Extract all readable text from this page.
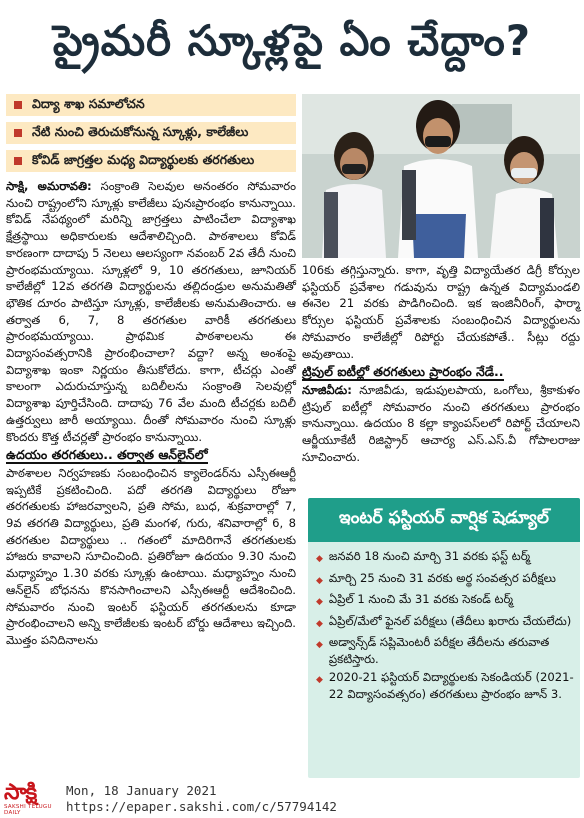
ప్రైమరీ స్కూళ్లపై ఏం చేద్దాం?
విద్యా శాఖ సమాలోచన
నేటి నుంచి తెరుచుకోనున్న స్కూళ్లు, కాలేజీలు
కోవిడ్ జాగ్రత్తల మధ్య విద్యార్థులకు తరగతులు

సాక్షి, అమరావతి: సంక్రాంతి సెలవుల అనంతరం సోమవారం నుంచి రాష్ట్రంలోని స్కూళ్లు కాలేజీలు పునఃప్రారంభం కానున్నాయి. కోవిడ్ నేపథ్యంలో మరిన్ని జాగ్రత్తలు పాటించేలా విద్యాశాఖ క్షేత్రస్థాయి అధికారులకు ఆదేశాలిచ్చింది. పాఠశాలలు కోవిడ్ కారణంగా దాదాపు 5 నెలలు ఆలస్యంగా నవంబర్ 2వ తేదీ నుంచి ప్రారంభమయ్యాయి. స్కూళ్లలో 9, 10 తరగతులు, జూనియర్ కాలేజీల్లో 12వ తరగతి విద్యార్థులను తల్లిదండ్రుల అనుమతితో భౌతిక దూరం పాటిస్తూ స్కూళ్లు, కాలేజీలకు అనుమతించారు. ఆ తర్వాత 6, 7, 8 తరగతుల వారికీ తరగతులు ప్రారంభమయ్యాయి. ప్రాథమిక పాఠశాలలను ఈ విద్యాసంవత్సరానికి ప్రారంభించాలా? వద్దా? అన్న అంశంపై విద్యాశాఖ ఇంకా నిర్ణయం తీసుకోలేదు. కాగా, టీచర్లు ఎంతో కాలంగా ఎదురుచూస్తున్న బదిలీలను సంక్రాంతి సెలవుల్లో విద్యాశాఖ పూర్తిచేసింది. దాదాపు 76 వేల మంది టీచర్లకు బదిలీ ఉత్తర్వులు జారీ అయ్యాయి. దీంతో సోమవారం నుంచి స్కూళ్లు కొందరు కొత్త టీచర్లతో ప్రారంభం కానున్నాయి.

ఉదయం తరగతులు.. తర్వాత ఆన్‌లైన్‌లో

పాఠశాలల నిర్వహణకు సంబంధించిన క్యాలెండర్‌ను ఎస్సీఈఆర్టీ ఇప్పటికే ప్రకటించింది. పదో తరగతి విద్యార్థులు రోజూ తరగతులకు హాజరవ్వాలని, ప్రతి సోమ, బుధ, శుక్రవారాల్లో 7, 9వ తరగతి విద్యార్థులు, ప్రతి మంగళ, గురు, శనివారాల్లో 6, 8 తరగతుల విద్యార్థులు .. గతంలో మాదిరిగానే తరగతులకు హాజరు కావాలని సూచించింది. ప్రతిరోజూ ఉదయం 9.30 నుంచి మధ్యాహ్నం 1.30 వరకు స్కూళ్లు ఉంటాయి. మధ్యాహ్నం నుంచి ఆన్‌లైన్ బోధనను కొనసాగించాలని ఎస్సీఈఆర్టీ ఆదేశించింది. సోమవారం నుంచి ఇంటర్ ఫస్టియర్ తరగతులను కూడా ప్రారంభించాలని అన్ని కాలేజీలకు ఇంటర్ బోర్డు ఆదేశాలు ఇచ్చింది. మొత్తం పనిదినాలను

106కు తగ్గిస్తున్నారు. కాగా, వృత్తి విద్యాయేతర డిగ్రీ కోర్సుల ఫస్టియర్ ప్రవేశాల గడువును రాష్ట్ర ఉన్నత విద్యామండలి ఈనెల 21 వరకు పొడిగించింది. ఇక ఇంజినీరింగ్, ఫార్మా కోర్సుల ఫస్టియర్ ప్రవేశాలకు సంబంధించిన విద్యార్థులను సోమవారం కాలేజీల్లో రిపోర్టు చేయకపోతే.. సీట్లు రద్దు అవుతాయి.

ట్రిపుల్ ఐటీల్లో తరగతులు ప్రారంభం నేడే..

నూజివీడు: నూజివీడు, ఇడుపులపాయ, ఒంగోలు, శ్రీకాకుళం ట్రిపుల్ ఐటీల్లో సోమవారం నుంచి తరగతులు ప్రారంభం కానున్నాయి. ఉదయం 8 కల్లా క్యాంపస్‌లలో రిపోర్ట్ చేయాలని ఆర్జీయూకేటీ రిజిస్ట్రార్ ఆచార్య ఎస్.ఎస్.వీ గోపాలరాజు సూచించారు.

ఇంటర్ ఫస్టియర్ వార్షిక షెడ్యూల్
◆ జనవరి 18 నుంచి మార్చి 31 వరకు ఫస్ట్ టర్మ్
◆ మార్చి 25 నుంచి 31 వరకు అర్థ సంవత్సర పరీక్షలు
◆ ఏప్రిల్ 1 నుంచి మే 31 వరకు సెకండ్ టర్మ్
◆ ఏప్రిల్/మేలో ఫైనల్ పరీక్షలు (తేదీలు ఖరారు చేయలేదు)
◆ అడ్వాన్స్‌డ్ సప్లిమెంటరీ పరీక్షల తేదీలను తరువాత ప్రకటిస్తారు.
◆ 2020-21 ఫస్టియర్ విద్యార్థులకు సెకండియర్ (2021-22 విద్యాసంవత్సరం) తరగతులు ప్రారంభం జూన్ 3.
సాక్షి
SAKSHI TELUGU DAILY
Mon, 18 January 2021
https://epaper.sakshi.com/c/57794142
